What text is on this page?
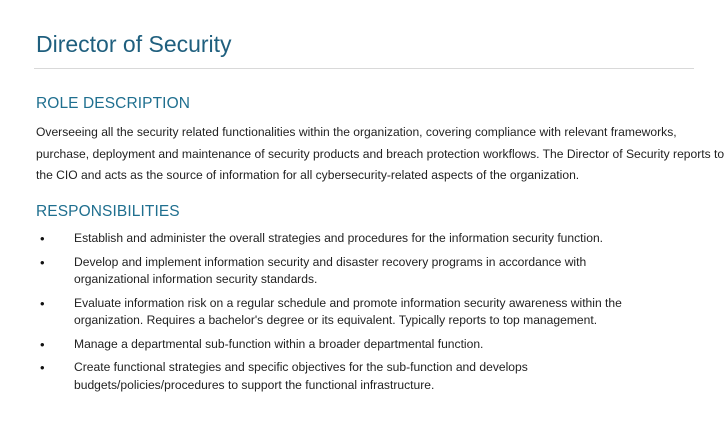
Director of Security
ROLE DESCRIPTION

Overseeing all the security related functionalities within the organization, covering compliance with relevant frameworks, purchase, deployment and maintenance of security products and breach protection workflows. The Director of Security reports to the CIO and acts as the source of information for all cybersecurity-related aspects of the organization.

RESPONSIBILITIES
• Establish and administer the overall strategies and procedures for the information security function.
• Develop and implement information security and disaster recovery programs in accordance with organizational information security standards.
• Evaluate information risk on a regular schedule and promote information security awareness within the organization. Requires a bachelor's degree or its equivalent. Typically reports to top management.
• Manage a departmental sub-function within a broader departmental function.
• Create functional strategies and specific objectives for the sub-function and develops budgets/policies/procedures to support the functional infrastructure.
